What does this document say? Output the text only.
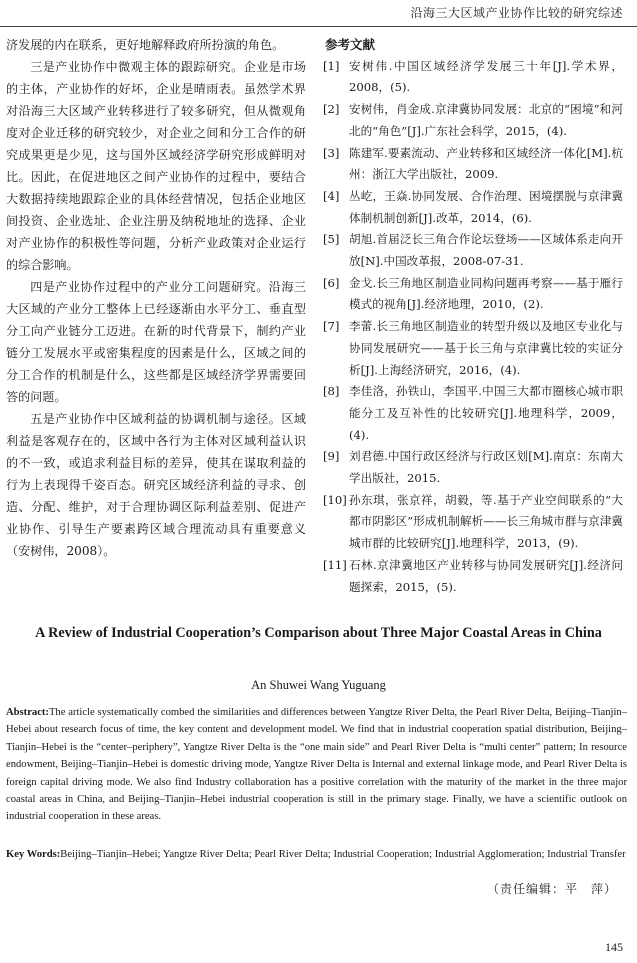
沿海三大区域产业协作比较的研究综述

济发展的内在联系，更好地解释政府所扮演的角色。

三是产业协作中微观主体的跟踪研究。企业是市场的主体，产业协作的好坏，企业是晴雨表。虽然学术界对沿海三大区域产业转移进行了较多研究，但从微观角度对企业迁移的研究较少，对企业之间和分工合作的研究成果更是少见，这与国外区域经济学研究形成鲜明对比。因此，在促进地区之间产业协作的过程中，要结合大数据持续地跟踪企业的具体经营情况，包括企业地区间投资、企业选址、企业注册及纳税地址的选择、企业对产业协作的积极性等问题，分析产业政策对企业运行的综合影响。

四是产业协作过程中的产业分工问题研究。沿海三大区域的产业分工整体上已经逐渐由水平分工、垂直型分工向产业链分工迈进。在新的时代背景下，制约产业链分工发展水平或密集程度的因素是什么，区域之间的分工合作的机制是什么，这些都是区域经济学界需要回答的问题。

五是产业协作中区域利益的协调机制与途径。区域利益是客观存在的，区域中各行为主体对区域利益认识的不一致，或追求利益目标的差异，使其在谋取利益的行为上表现得千姿百态。研究区域经济利益的寻求、创造、分配、维护，对于合理协调区际利益差别、促进产业协作、引导生产要素跨区域合理流动具有重要意义（安树伟，2008）。

参考文献
[1] 安树伟.中国区域经济学发展三十年[J].学术界，2008，(5).
[2] 安树伟，肖金成.京津冀协同发展：北京的“困境”和河北的“角色”[J].广东社会科学，2015，(4).
[3] 陈建军.要素流动、产业转移和区域经济一体化[M].杭州：浙江大学出版社，2009.
[4] 丛屹，王焱.协同发展、合作治理、困境摆脱与京津冀体制机制创新[J].改革，2014，(6).
[5] 胡旭.首届泛长三角合作论坛登场——区域体系走向开放[N].中国改革报，2008-07-31.
[6] 金戈.长三角地区制造业同构问题再考察——基于雁行模式的视角[J].经济地理，2010，(2).
[7] 李蕾.长三角地区制造业的转型升级以及地区专业化与协同发展研究——基于长三角与京津冀比较的实证分析[J].上海经济研究，2016，(4).
[8] 李佳洛，孙铁山，李国平.中国三大都市圈核心城市职能分工及互补性的比较研究[J].地理科学，2009，(4).
[9] 刘君德.中国行政区经济与行政区划[M].南京：东南大学出版社，2015.
[10] 孙东琪，张京祥，胡毅，等.基于产业空间联系的“大都市阴影区”形成机制解析——长三角城市群与京津冀城市群的比较研究[J].地理科学，2013，(9).
[11] 石林.京津冀地区产业转移与协同发展研究[J].经济问题探索，2015，(5).
A Review of Industrial Cooperation’s Comparison about Three Major Coastal Areas in China
An Shuwei Wang Yuguang
Abstract:The article systematically combed the similarities and differences between Yangtze River Delta, the Pearl River Delta, Beijing–Tianjin–Hebei about research focus of time, the key content and development model. We find that in industrial cooperation spatial distribution, Beijing–Tianjin–Hebei is the “center–periphery”, Yangtze River Delta is the “one main side” and Pearl River Delta is “multi center” pattern; In resource endowment, Beijing–Tianjin–Hebei is domestic driving mode, Yangtze River Delta is Internal and external linkage mode, and Pearl River Delta is foreign capital driving mode. We also find Industry collaboration has a positive correlation with the maturity of the market in the three major coastal areas in China, and Beijing–Tianjin–Hebei industrial cooperation is still in the primary stage. Finally, we have a scientific outlook on industrial cooperation in these areas.
Key Words:Beijing–Tianjin–Hebei; Yangtze River Delta; Pearl River Delta; Industrial Cooperation; Industrial Agglomeration; Industrial Transfer
（责任编辑：平　萍）
145
